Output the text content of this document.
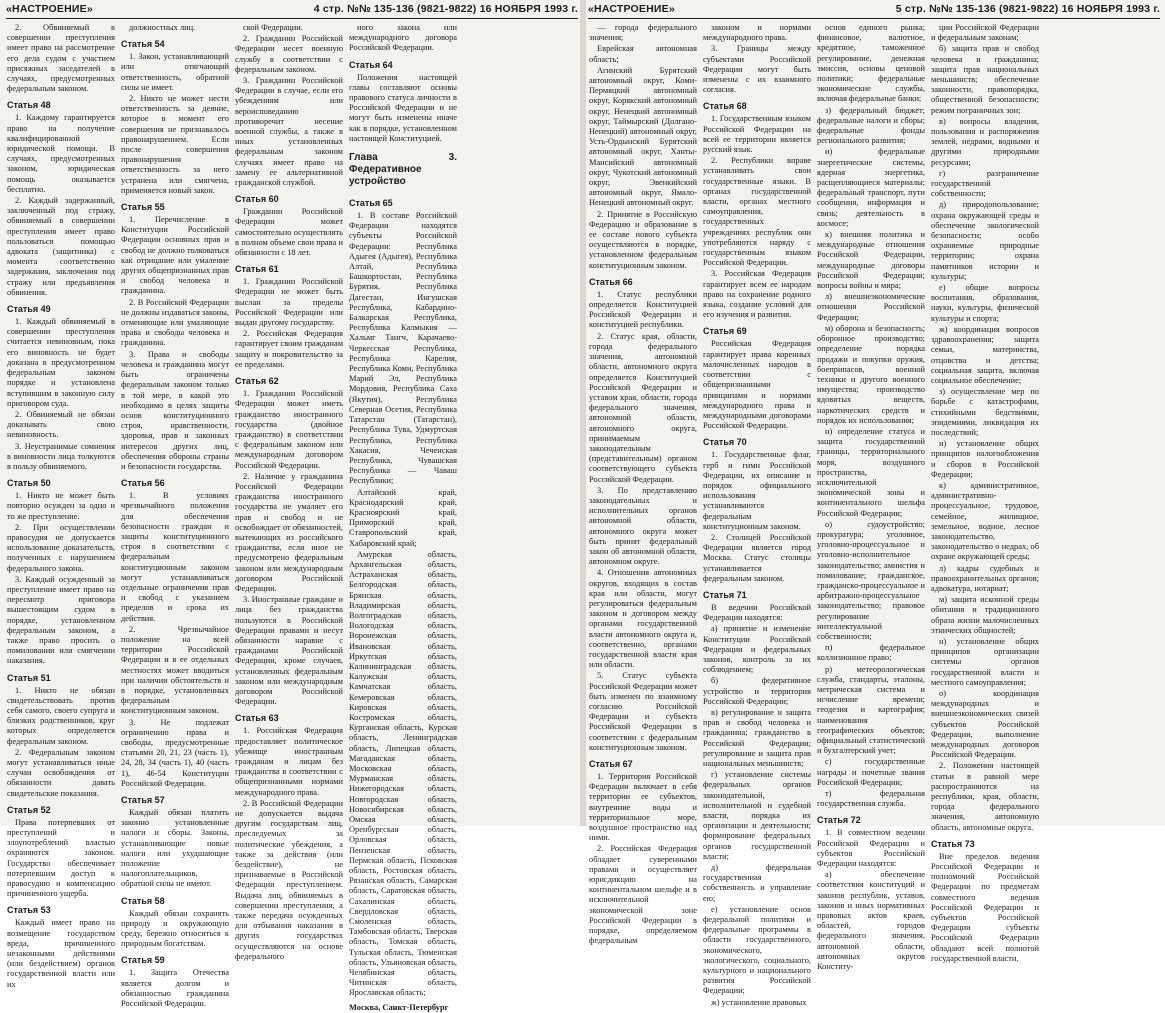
«НАСТРОЕНИЕ»	4 стр. №№ 135-136 (9821-9822) 16 НОЯБРЯ 1993 г.

2. Обвиняемый в совершении преступления имеет право на рассмотрение его дела судом с участием присяжных заседателей в случаях, предусмотренных федеральным законом.

Статья 48

1. Каждому гарантируется право на получение квалифицированной юридической помощи. В случаях, предусмотренных законом, юридическая помощь оказывается бесплатно.

2. Каждый задержанный, заключенный под стражу, обвиняемый в совершении преступления имеет право пользоваться помощью адвоката (защитника) с момента соответственно задержания, заключения под стражу или предъявления обвинения.

Статья 49

1. Каждый обвиняемый в совершении преступления считается невиновным, пока его виновность не будет доказана в предусмотренном федеральным законом порядке и установлена вступившим в законную силу приговором суда.

2. Обвиняемый не обязан доказывать свою невиновность.

3. Неустранимые сомнения в виновности лица толкуются в пользу обвиняемого.

Статья 50

1. Никто не может быть повторно осужден за одно и то же преступление.

2. При осуществлении правосудия не допускается использование доказательств, полученных с нарушением федерального закона.

3. Каждый осужденный за преступление имеет право на пересмотр приговора вышестоящим судом в порядке, установленном федеральным законом, а также право просить о помиловании или смягчении наказания.

Статья 51

1. Никто не обязан свидетельствовать против себя самого, своего супруга и близких родственников, круг которых определяется федеральным законом.

2. Федеральным законом могут устанавливаться иные случаи освобождения от обязанности давать свидетельские показания.

Статья 52

Права потерпевших от преступлений и злоупотреблений властью охраняются законом. Государство обеспечивает потерпевшим доступ к правосудию и компенсацию причиненного ущерба.

Статья 53

Каждый имеет право на возмещение государством вреда, причиненного незаконными действиями (или бездействием) органов государственной власти или их

должностных лиц.

Статья 54

1. Закон, устанавливающий или отягчающий ответственность, обратной силы не имеет.

2. Никто не может нести ответственность за деяние, которое в момент его совершения не признавалось правонарушением. Если после совершения правонарушения ответственность за него устранена или смягчена, применяется новый закон.

Статья 55

1. Перечисление в Конституции Российской Федерации основных прав и свобод не должно толковаться как отрицание или умаление других общепризнанных прав и свобод человека и гражданина.

2. В Российской Федерации не должны издаваться законы, отменяющие или умаляющие права и свободы человека и гражданина.

3. Права и свободы человека и гражданина могут быть ограничены федеральным законом только в той мере, в какой это необходимо в целях защиты основ конституционного строя, нравственности, здоровья, прав и законных интересов других лиц, обеспечения обороны страны и безопасности государства.

Статья 56

1. В условиях чрезвычайного положения для обеспечения безопасности граждан и защиты конституционного строя в соответствии с федеральным конституционным законом могут устанавливаться отдельные ограничения прав и свобод с указанием пределов и срока их действия.

2. Чрезвычайное положение на всей территории Российской Федерации и в ее отдельных местностях может вводиться при наличии обстоятельств и в порядке, установленных федеральным конституционным законом.

3. Не подлежат ограничению права и свободы, предусмотренные статьями 20, 21, 23 (часть 1), 24, 28, 34 (часть 1), 40 (часть 1), 46-54 Конституции Российской Федерации.

Статья 57

Каждый обязан платить законно установленные налоги и сборы. Законы, устанавливающие новые налоги или ухудшающие положение налогоплательщиков, обратной силы не имеют.

Статья 58

Каждый обязан сохранять природу и окружающую среду, бережно относиться к природным богатствам.

Статья 59

1. Защита Отечества является долгом и обязанностью гражданина Российской Федерации.

ской Федерации.

2. Гражданин Российской Федерации несет военную службу в соответствии с федеральным законом.

3. Гражданин Российской Федерации в случае, если его убеждениям или вероисповеданию противоречит несение военной службы, а также в иных установленных федеральным законом случаях имеет право на замену ее альтернативной гражданской службой.

Статья 60

Гражданин Российской Федерации может самостоятельно осуществлять в полном объеме свои права и обязанности с 18 лет.

Статья 61

1. Гражданин Российской Федерации не может быть выслан за пределы Российской Федерации или выдан другому государству.

2. Российская Федерация гарантирует своим гражданам защиту и покровительство за ее пределами.

Статья 62

1. Гражданин Российской Федерации может иметь гражданство иностранного государства (двойное гражданство) в соответствии с федеральным законом или международным договором Российской Федерации.

2. Наличие у гражданина Российской Федерации гражданства иностранного государства не умаляет его прав и свобод и не освобождает от обязанностей, вытекающих из российского гражданства, если иное не предусмотрено федеральным законом или международным договором Российской Федерации.

3. Иностранные граждане и лица без гражданства пользуются в Российской Федерации правами и несут обязанности наравне с гражданами Российской Федерации, кроме случаев, установленных федеральным законом или международным договором Российской Федерации.

Статья 63

1. Российская Федерация предоставляет политическое убежище иностранным гражданам и лицам без гражданства в соответствии с общепризнанными нормами международного права.

2. В Российской Федерации не допускается выдача другим государствам лиц, преследуемых за политические убеждения, а также за действия (или бездействие), не признаваемые в Российской Федерации преступлением. Выдача лиц, обвиняемых в совершении преступления, а также передача осужденных для отбывания наказания в других государствах осуществляются на основе федерального

ного закона или международного договора Российской Федерации.

Статья 64

Положения настоящей главы составляют основы правового статуса личности в Российской Федерации и не могут быть изменены иначе как в порядке, установленном настоящей Конституцией.

Глава 3. Федеративное устройство

Статья 65

1. В составе Российской Федерации находятся субъекты Российской Федерации: Республика Адыгея (Адыгея), Республика Алтай, Республика Башкортостан, Республика Бурятия, Республика Дагестан, Ингушская Республика, Кабардино-Балкарская Республика, Республика Калмыкия — Хальмг Тангч, Карачаево-Черкесская Республика, Республика Карелия, Республика Коми, Республика Марий Эл, Республика Мордовия, Республика Саха (Якутия), Республика Северная Осетия, Республика Татарстан (Татарстан), Республика Тува, Удмуртская Республика, Республика Хакасия, Чеченская Республика, Чувашская Республика — Чаваш Республики;

Алтайский край, Краснодарский край, Красноярский край, Приморский край, Ставропольский край, Хабаровский край;

Амурская область, Архангельская область, Астраханская область, Белгородская область, Брянская область, Владимирская область, Волгоградская область, Вологодская область, Воронежская область, Ивановская область, Иркутская область, Калининградская область, Калужская область, Камчатская область, Кемеровская область, Кировская область, Костромская область, Курганская область, Курская область, Ленинградская область, Липецкая область, Магаданская область, Московская область, Мурманская область, Нижегородская область, Новгородская область, Новосибирская область, Омская область, Оренбургская область, Орловская область, Пензенская область, Пермская область, Псковская область, Ростовская область, Рязанская область, Самарская область, Саратовская область, Сахалинская область, Свердловская область, Смоленская область, Тамбовская область, Тверская область, Томская область, Тульская область, Тюменская область, Ульяновская область, Челябинская область, Читинская область, Ярославская область;

Москва, Санкт-Петербург

«НАСТРОЕНИЕ»	5 стр. №№ 135-136 (9821-9822) 16 НОЯБРЯ 1993 г.

— города федерального значения;

Еврейская автономная область;

Агинский Бурятский автономный округ, Коми-Пермяцкий автономный округ, Корякский автономный округ, Ненецкий автономный округ, Таймырский (Долгано-Ненецкий) автономный округ, Усть-Ордынский Бурятский автономный округ, Ханты-Мансийский автономный округ, Чукотский автономный округ, Эвенкийский автономный округ, Ямало-Ненецкий автономный округ.

2. Принятие в Российскую Федерацию и образование в ее составе нового субъекта осуществляются в порядке, установленном федеральным конституционным законом.

Статья 66

1. Статус республики определяется Конституцией Российской Федерации и конституцией республики.

2. Статус края, области, города федерального значения, автономной области, автономного округа определяется Конституцией Российской Федерации и уставом края, области, города федерального значения, автономной области, автономного округа, принимаемым законодательным (представительным) органом соответствующего субъекта Российской Федерации.

3. По представлению законодательных и исполнительных органов автономной области, автономного округа может быть принят федеральный закон об автономной области, автономном округе.

4. Отношения автономных округов, входящих в состав края или области, могут регулироваться федеральным законом и договором между органами государственной власти автономного округа и, соответственно, органами государственной власти края или области.

5. Статус субъекта Российской Федерации может быть изменен по взаимному согласию Российской Федерации и субъекта Российской Федерации в соответствии с федеральным конституционным законом.

Статья 67

1. Территория Российской Федерации включает в себя территории ее субъектов, внутренние воды и территориальное море, воздушное пространство над ними.

2. Российская Федерация обладает суверенными правами и осуществляет юрисдикцию на континентальном шельфе и в исключительной экономической зоне Российской Федерации в порядке, определяемом федеральным

законом и нормами международного права.

3. Границы между субъектами Российской Федерации могут быть изменены с их взаимного согласия.

Статья 68

1. Государственным языком Российской Федерации на всей ее территории является русский язык.

2. Республики вправе устанавливать свои государственные языки. В органах государственной власти, органах местного самоуправления, государственных учреждениях республик они употребляются наряду с государственным языком Российской Федерации.

3. Российская Федерация гарантирует всем ее народам право на сохранение родного языка, создание условий для его изучения и развития.

Статья 69

Российская Федерация гарантирует права коренных малочисленных народов в соответствии с общепризнанными принципами и нормами международного права и международными договорами Российской Федерации.

Статья 70

1. Государственные флаг, герб и гимн Российской Федерации, их описание и порядок официального использования устанавливаются федеральным конституционным законом.

2. Столицей Российской Федерации является город Москва. Статус столицы устанавливается федеральным законом.

Статья 71

В ведении Российской Федерации находятся:

а) принятие и изменение Конституции Российской Федерации и федеральных законов, контроль за их соблюдением;

б) федеративное устройство и территория Российской Федерации;

в) регулирование и защита прав и свобод человека и гражданина; гражданство в Российской Федерации; регулирование и защита прав национальных меньшинств;

г) установление системы федеральных органов законодательной, исполнительной и судебной власти, порядка их организации и деятельности; формирование федеральных органов государственной власти;

д) федеральная государственная собственность и управление ею;

е) установление основ федеральной политики и федеральные программы в области государственного, экономического, экологического, социального, культурного и национального развития Российской Федерации;

ж) установление правовых

основ единого рынка; финансовое, валютное, кредитное, таможенное регулирование, денежная эмиссия, основы ценовой политики; федеральные экономические службы, включая федеральные банки;

з) федеральный бюджет; федеральные налоги и сборы; федеральные фонды регионального развития;

и) федеральные энергетические системы, ядерная энергетика, расщепляющиеся материалы; федеральный транспорт, пути сообщения, информация и связь; деятельность в космосе;

к) внешняя политика и международные отношения Российской Федерации, международные договоры Российской Федерации; вопросы войны и мира;

л) внешнеэкономические отношения Российской Федерации;

м) оборона и безопасность; оборонное производство; определение порядка продажи и покупки оружия, боеприпасов, военной техники и другого военного имущества; производство ядовитых веществ, наркотических средств и порядок их использования;

н) определение статуса и защита государственной границы, территориального моря, воздушного пространства, исключительной экономической зоны и континентального шельфа Российской Федерации;

о) судоустройство; прокуратура; уголовное, уголовно-процессуальное и уголовно-исполнительное законодательство; амнистия и помилование; гражданское, гражданско-процессуальное и арбитражно-процессуальное законодательство; правовое регулирование интеллектуальной собственности;

п) федеральное коллизионное право;

р) метеорологическая служба, стандарты, эталоны, метрическая система и исчисление времени; геодезия и картография; наименования географических объектов; официальный статистический и бухгалтерский учет;

с) государственные награды и почетные звания Российской Федерации;

т) федеральная государственная служба.

Статья 72

1. В совместном ведении Российской Федерации и субъектов Российской Федерации находятся:

а) обеспечение соответствия конституций и законов республик, уставов, законов и иных нормативных правовых актов краев, областей, городов федерального значения, автономной области, автономных округов Конститу-

ции Российской Федерации и федеральным законам;

б) защита прав и свобод человека и гражданина; защита прав национальных меньшинств; обеспечение законности, правопорядка, общественной безопасности; режим пограничных зон;

в) вопросы владения, пользования и распоряжения землей, недрами, водными и другими природными ресурсами;

г) разграничение государственной собственности;

д) природопользование; охрана окружающей среды и обеспечение экологической безопасности; особо охраняемые природные территории; охрана памятников истории и культуры;

е) общие вопросы воспитания, образования, науки, культуры, физической культуры и спорта;

ж) координация вопросов здравоохранения; защита семьи, материнства, отцовства и детства; социальная защита, включая социальное обеспечение;

з) осуществление мер по борьбе с катастрофами, стихийными бедствиями, эпидемиями, ликвидация их последствий;

и) установление общих принципов налогообложения и сборов в Российской Федерации;

к) административное, административно-процессуальное, трудовое, семейное, жилищное, земельное, водное, лесное законодательство, законодательство о недрах, об охране окружающей среды;

л) кадры судебных и правоохранительных органов; адвокатура, нотариат;

м) защита исконной среды обитания и традиционного образа жизни малочисленных этнических общностей;

н) установление общих принципов организации системы органов государственной власти и местного самоуправления;

о) координация международных и внешнеэкономических связей субъектов Российской Федерации, выполнение международных договоров Российской Федерации.

2. Положения настоящей статьи в равной мере распространяются на республики, края, области, города федерального значения, автономную область, автономные округа.

Статья 73

Вне пределов ведения Российской Федерации и полномочий Российской Федерации по предметам совместного ведения Российской Федерации и субъектов Российской Федерации субъекты Российской Федерации обладают всей полнотой государственной власти.
